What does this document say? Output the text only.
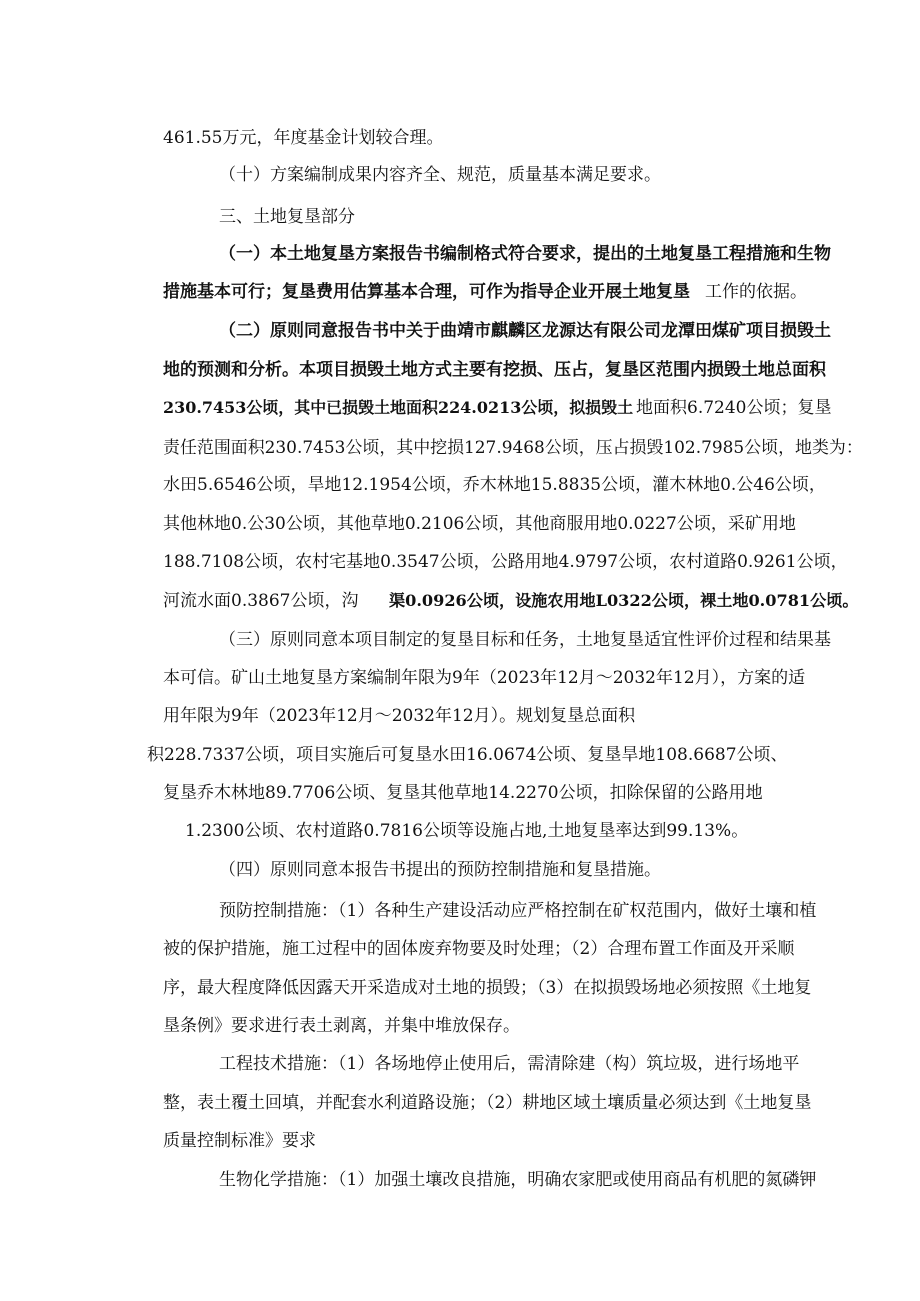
461.55万元，年度基金计划较合理。
（十）方案编制成果内容齐全、规范，质量基本满足要求。
三、土地复垦部分
（一）本土地复垦方案报告书编制格式符合要求，提出的土地复垦工程措施和生物
措施基本可行；复垦费用估算基本合理，可作为指导企业开展土地复垦 工作的依据。
（二）原则同意报告书中关于曲靖市麒麟区龙源达有限公司龙潭田煤矿项目损毁土
地的预测和分析。本项目损毁土地方式主要有挖损、压占，复垦区范围内损毁土地总面积
230.7453公顷，其中已损毁土地面积224.0213公顷，拟损毁土 地面积6.7240公顷；复垦
责任范围面积230.7453公顷，其中挖损127.9468公顷，压占损毁102.7985公顷，地类为：
水田5.6546公顷，旱地12.1954公顷，乔木林地15.8835公顷，灌木林地0.公46公顷，
其他林地0.公30公顷，其他草地0.2106公顷，其他商服用地0.0227公顷，采矿用地
188.7108公顷，农村宅基地0.3547公顷，公路用地4.9797公顷，农村道路0.9261公顷，
河流水面0.3867公顷，沟 渠0.0926公顷，设施农用地L0322公顷，裸土地0.0781公顷。
（三）原则同意本项目制定的复垦目标和任务，土地复垦适宜性评价过程和结果基
本可信。矿山土地复垦方案编制年限为9年（2023年12月～2032年12月），方案的适
用年限为9年（2023年12月～2032年12月）。规划复垦总面积
积228.7337公顷，项目实施后可复垦水田16.0674公顷、复垦旱地108.6687公顷、
复垦乔木林地89.7706公顷、复垦其他草地14.2270公顷，扣除保留的公路用地
1.2300公顷、农村道路0.7816公顷等设施占地,土地复垦率达到99.13%。
（四）原则同意本报告书提出的预防控制措施和复垦措施。
预防控制措施：（1）各种生产建设活动应严格控制在矿权范围内，做好土壤和植
被的保护措施，施工过程中的固体废弃物要及时处理；（2）合理布置工作面及开采顺
序，最大程度降低因露天开采造成对土地的损毁；（3）在拟损毁场地必须按照《土地复
垦条例》要求进行表土剥离，并集中堆放保存。
工程技术措施：（1）各场地停止使用后，需清除建（构）筑垃圾，进行场地平
整，表土覆土回填，并配套水利道路设施；（2）耕地区域土壤质量必须达到《土地复垦
质量控制标准》要求
生物化学措施：（1）加强土壤改良措施，明确农家肥或使用商品有机肥的氮磷钾
